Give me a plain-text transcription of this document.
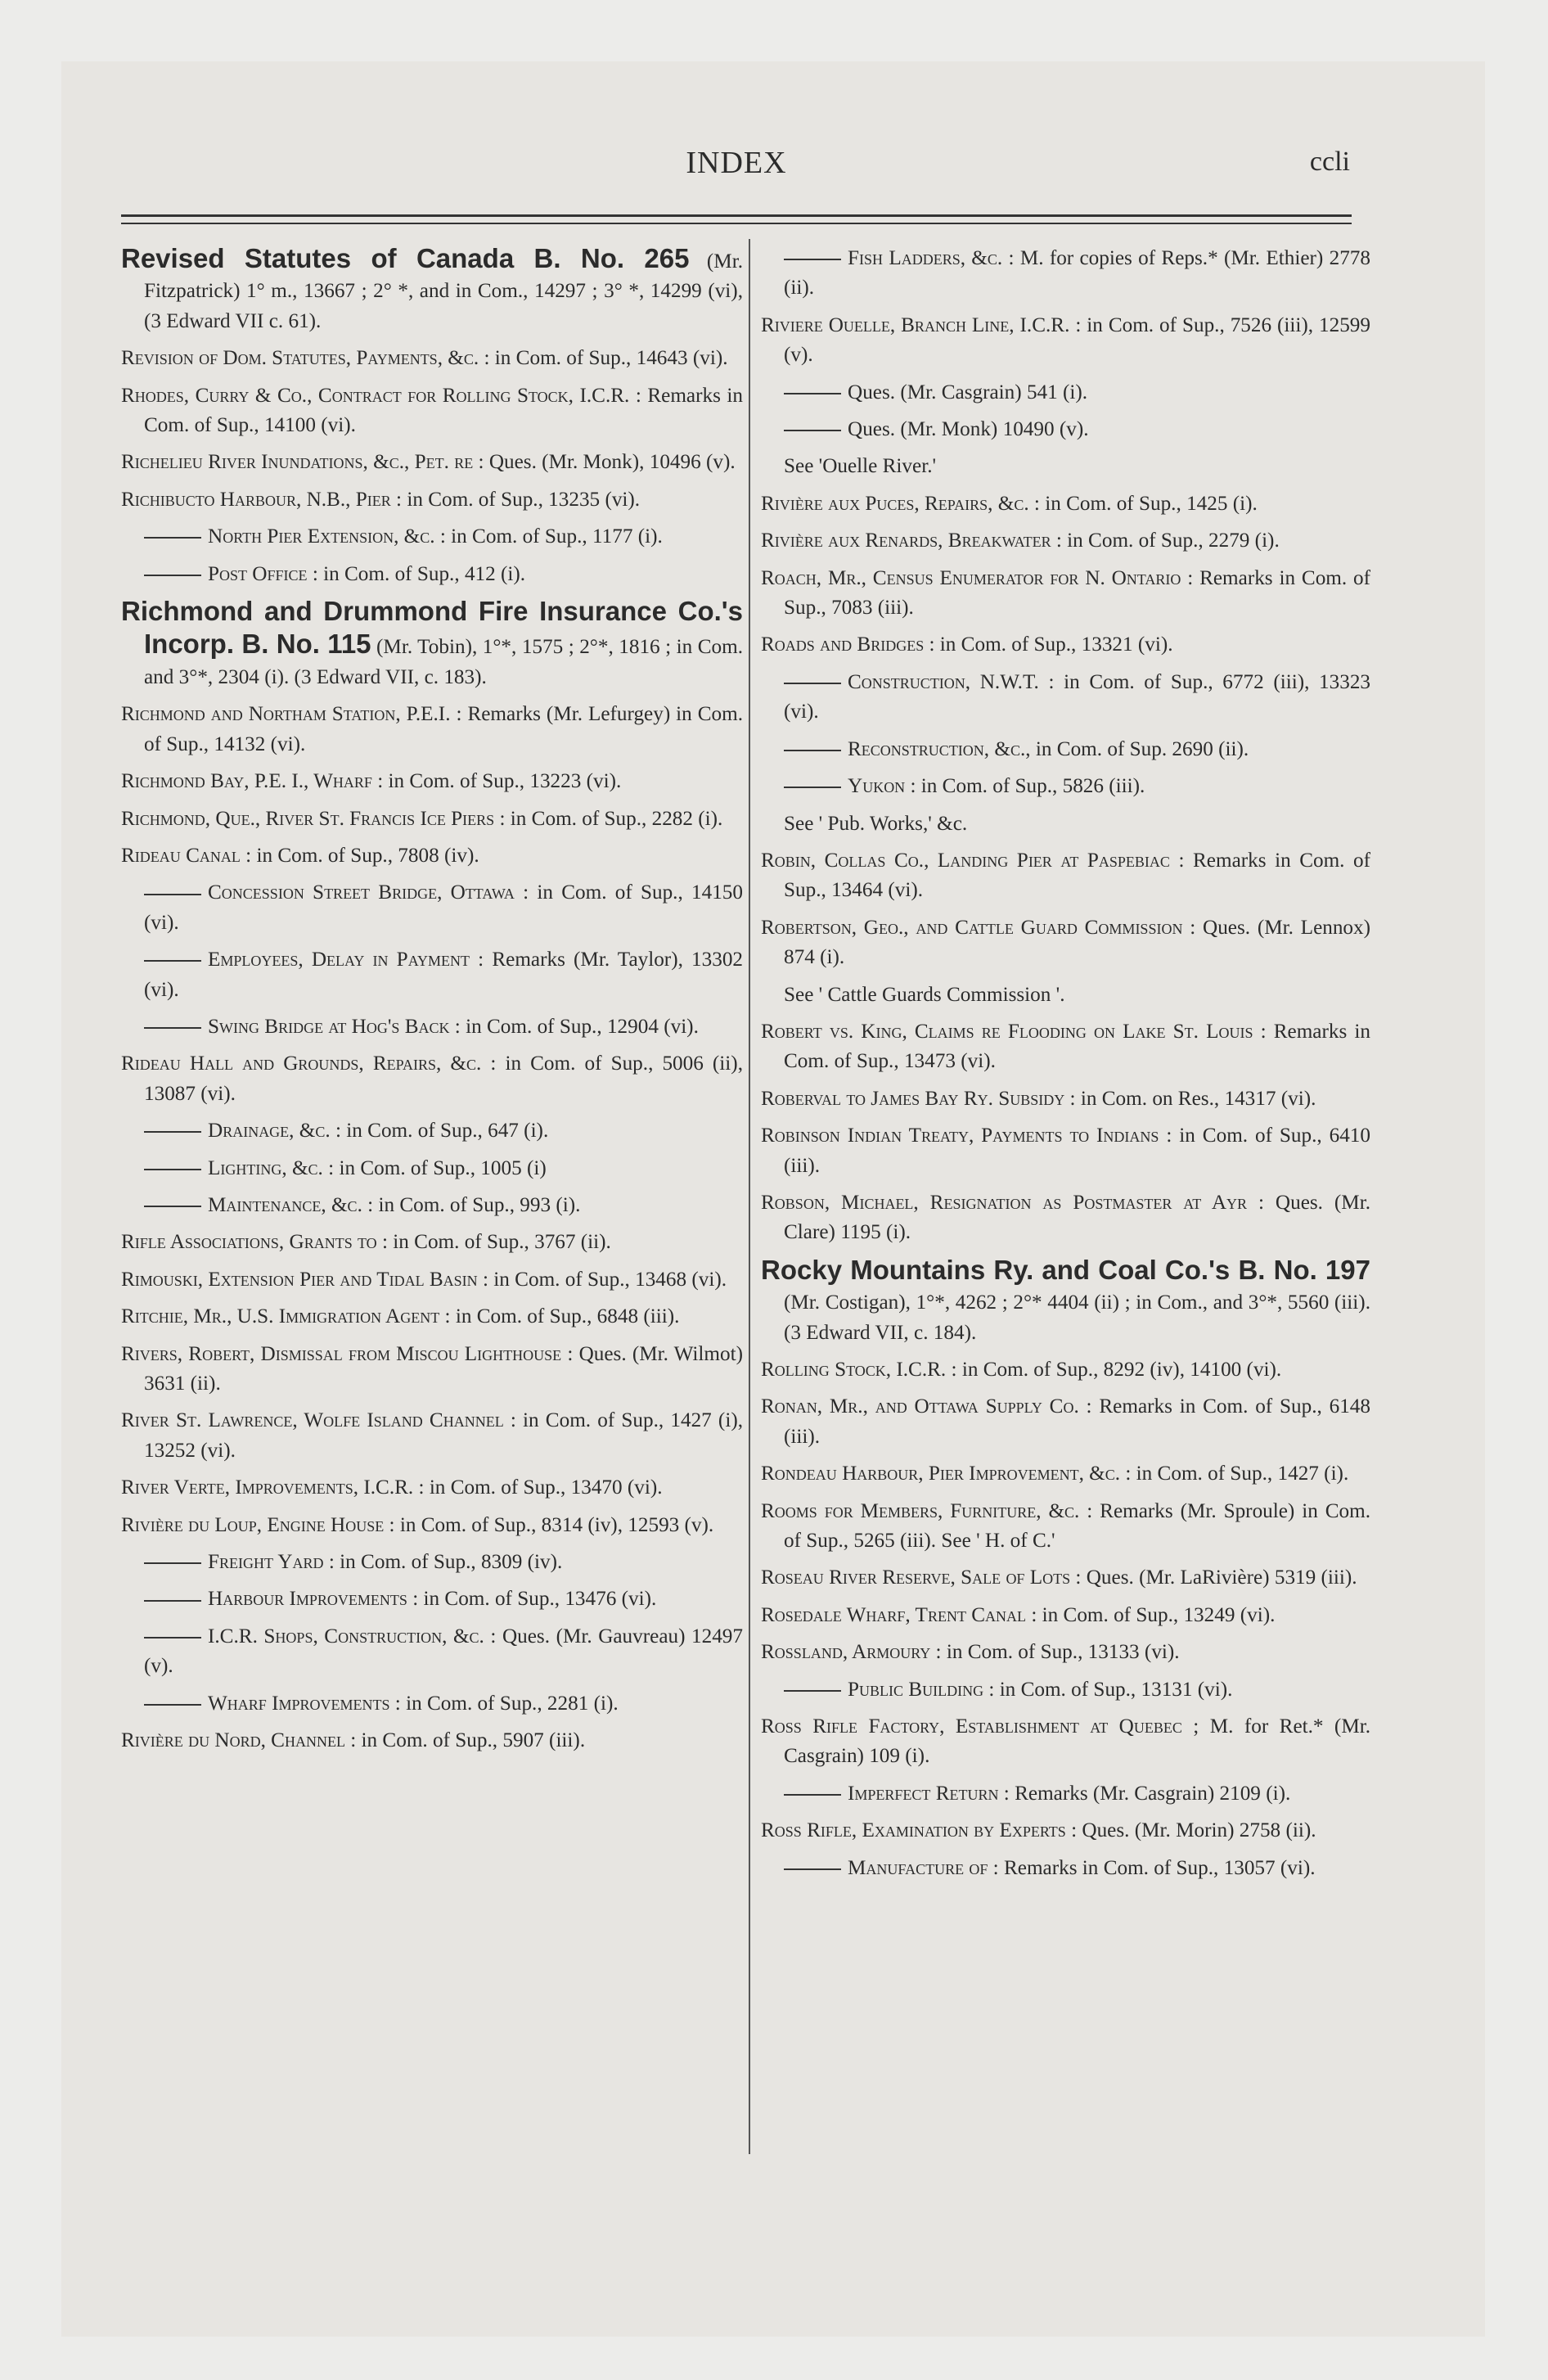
INDEX	ccli
Revised Statutes of Canada B. No. 265 (Mr. Fitzpatrick) 1° m., 13667 ; 2° *, and in Com., 14297 ; 3° *, 14299 (vi), (3 Edward VII c. 61).
Revision of Dom. Statutes, Payments, &c. : in Com. of Sup., 14643 (vi).
Rhodes, Curry & Co., Contract for Rolling Stock, I.C.R. : Remarks in Com. of Sup., 14100 (vi).
Richelieu River Inundations, &c., Pet. re : Ques. (Mr. Monk), 10496 (v).
Richibucto Harbour, N.B., Pier : in Com. of Sup., 13235 (vi).
North Pier Extension, &c. : in Com. of Sup., 1177 (i).
Post Office : in Com. of Sup., 412 (i).
Richmond and Drummond Fire Insurance Co.'s Incorp. B. No. 115 (Mr. Tobin), 1°*, 1575 ; 2°*, 1816 ; in Com. and 3°*, 2304 (i). (3 Edward VII, c. 183).
Richmond and Northam Station, P.E.I. : Remarks (Mr. Lefurgey) in Com. of Sup., 14132 (vi).
Richmond Bay, P.E. I., Wharf : in Com. of Sup., 13223 (vi).
Richmond, Que., River St. Francis Ice Piers : in Com. of Sup., 2282 (i).
Rideau Canal : in Com. of Sup., 7808 (iv).
Concession Street Bridge, Ottawa : in Com. of Sup., 14150 (vi).
Employees, Delay in Payment : Remarks (Mr. Taylor), 13302 (vi).
Swing Bridge at Hog's Back : in Com. of Sup., 12904 (vi).
Rideau Hall and Grounds, Repairs, &c. : in Com. of Sup., 5006 (ii), 13087 (vi).
Drainage, &c. : in Com. of Sup., 647 (i).
Lighting, &c. : in Com. of Sup., 1005 (i)
Maintenance, &c. : in Com. of Sup., 993 (i).
Rifle Associations, Grants to : in Com. of Sup., 3767 (ii).
Rimouski, Extension Pier and Tidal Basin : in Com. of Sup., 13468 (vi).
Ritchie, Mr., U.S. Immigration Agent : in Com. of Sup., 6848 (iii).
Rivers, Robert, Dismissal from Miscou Lighthouse : Ques. (Mr. Wilmot) 3631 (ii).
River St. Lawrence, Wolfe Island Channel : in Com. of Sup., 1427 (i), 13252 (vi).
River Verte, Improvements, I.C.R. : in Com. of Sup., 13470 (vi).
Rivière du Loup, Engine House : in Com. of Sup., 8314 (iv), 12593 (v).
Freight Yard : in Com. of Sup., 8309 (iv).
Harbour Improvements : in Com. of Sup., 13476 (vi).
I.C.R. Shops, Construction, &c. : Ques. (Mr. Gauvreau) 12497 (v).
Wharf Improvements : in Com. of Sup., 2281 (i).
Rivière du Nord, Channel : in Com. of Sup., 5907 (iii).
Fish Ladders, &c. : M. for copies of Reps.* (Mr. Ethier) 2778 (ii).
Riviere Ouelle, Branch Line, I.C.R. : in Com. of Sup., 7526 (iii), 12599 (v).
Ques. (Mr. Casgrain) 541 (i).
Ques. (Mr. Monk) 10490 (v).
See 'Ouelle River.'
Rivière aux Puces, Repairs, &c. : in Com. of Sup., 1425 (i).
Rivière aux Renards, Breakwater : in Com. of Sup., 2279 (i).
Roach, Mr., Census Enumerator for N. Ontario : Remarks in Com. of Sup., 7083 (iii).
Roads and Bridges : in Com. of Sup., 13321 (vi).
Construction, N.W.T. : in Com. of Sup., 6772 (iii), 13323 (vi).
Reconstruction, &c., in Com. of Sup. 2690 (ii).
Yukon : in Com. of Sup., 5826 (iii).
See ' Pub. Works,' &c.
Robin, Collas Co., Landing Pier at Paspebiac : Remarks in Com. of Sup., 13464 (vi).
Robertson, Geo., and Cattle Guard Commission : Ques. (Mr. Lennox) 874 (i).
See ' Cattle Guards Commission '.
Robert vs. King, Claims re Flooding on Lake St. Louis : Remarks in Com. of Sup., 13473 (vi).
Roberval to James Bay Ry. Subsidy : in Com. on Res., 14317 (vi).
Robinson Indian Treaty, Payments to Indians : in Com. of Sup., 6410 (iii).
Robson, Michael, Resignation as Postmaster at Ayr : Ques. (Mr. Clare) 1195 (i).
Rocky Mountains Ry. and Coal Co.'s B. No. 197 (Mr. Costigan), 1°*, 4262 ; 2°* 4404 (ii) ; in Com., and 3°*, 5560 (iii). (3 Edward VII, c. 184).
Rolling Stock, I.C.R. : in Com. of Sup., 8292 (iv), 14100 (vi).
Ronan, Mr., and Ottawa Supply Co. : Remarks in Com. of Sup., 6148 (iii).
Rondeau Harbour, Pier Improvement, &c. : in Com. of Sup., 1427 (i).
Rooms for Members, Furniture, &c. : Remarks (Mr. Sproule) in Com. of Sup., 5265 (iii). See ' H. of C.'
Roseau River Reserve, Sale of Lots : Ques. (Mr. LaRivière) 5319 (iii).
Rosedale Wharf, Trent Canal : in Com. of Sup., 13249 (vi).
Rossland, Armoury : in Com. of Sup., 13133 (vi).
Public Building : in Com. of Sup., 13131 (vi).
Ross Rifle Factory, Establishment at Quebec ; M. for Ret.* (Mr. Casgrain) 109 (i).
Imperfect Return : Remarks (Mr. Casgrain) 2109 (i).
Ross Rifle, Examination by Experts : Ques. (Mr. Morin) 2758 (ii).
Manufacture of : Remarks in Com. of Sup., 13057 (vi).
